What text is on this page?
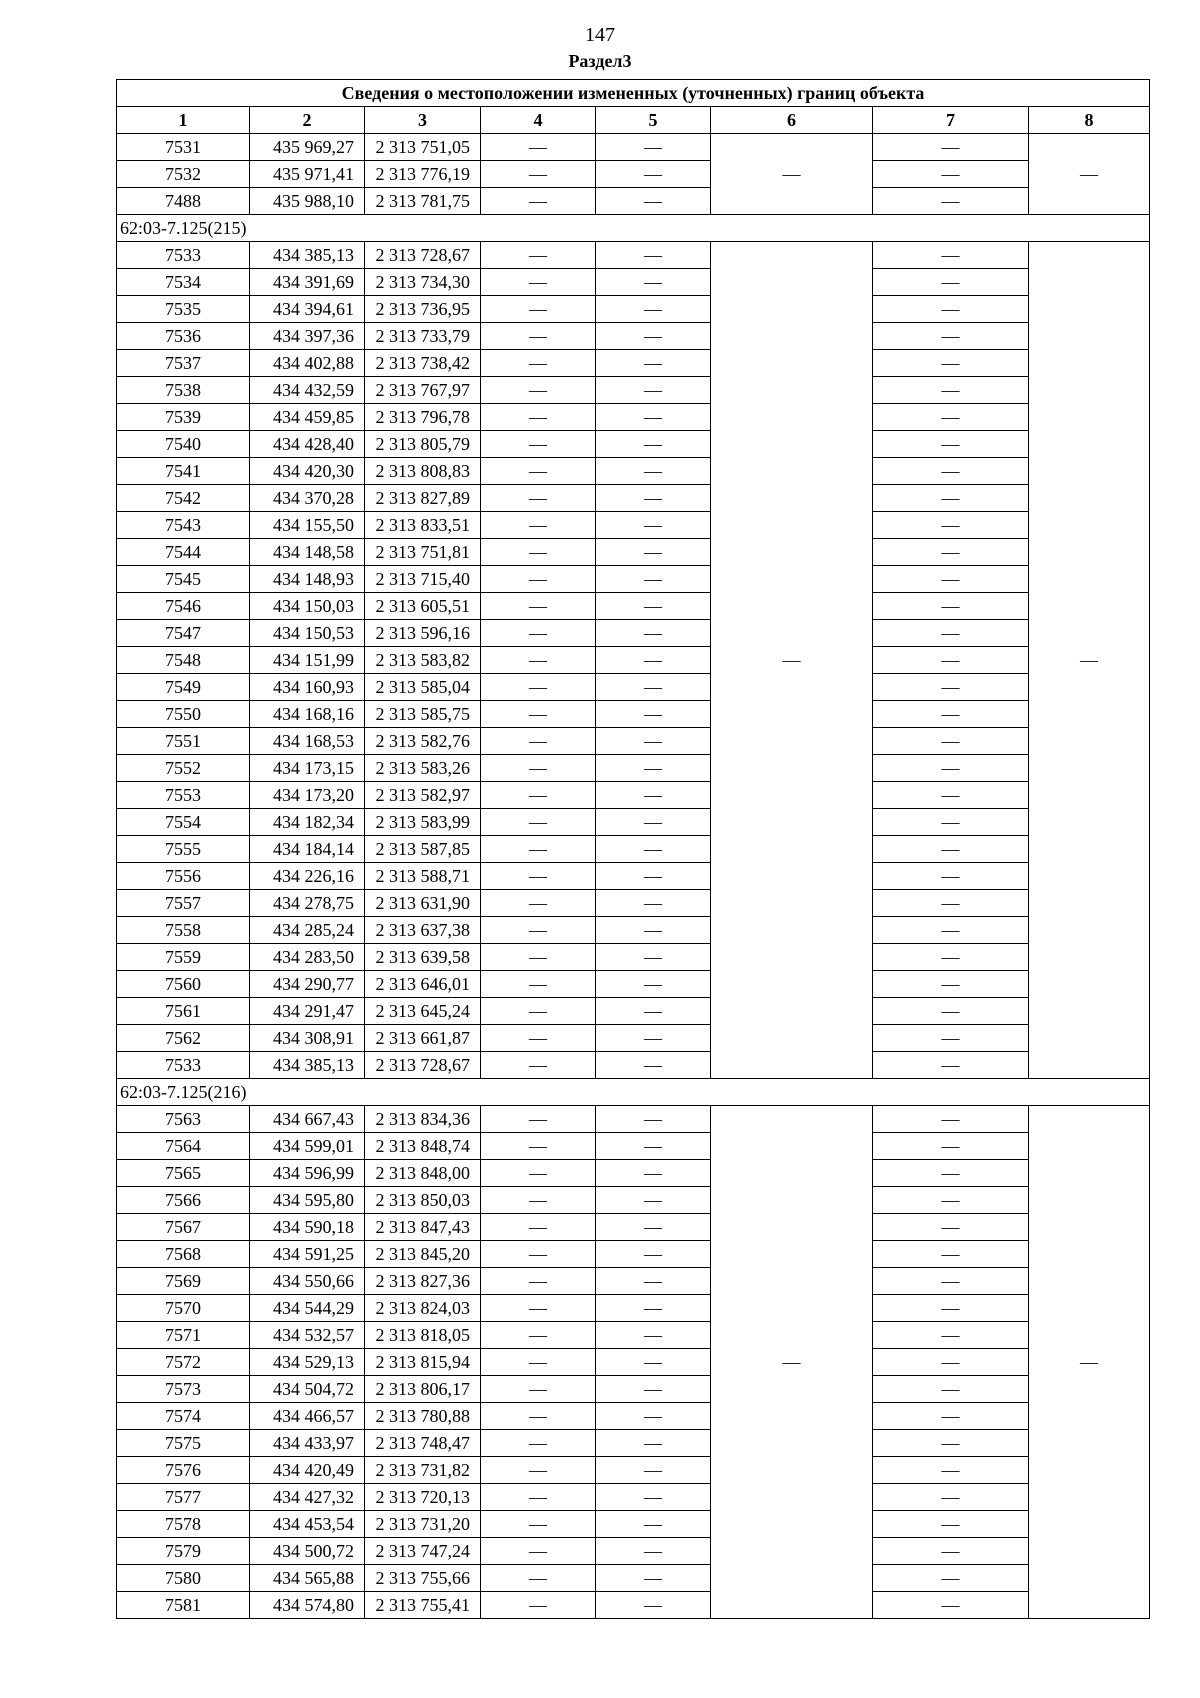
147
Раздел3
Сведения о местоположении измененных (уточненных) границ объекта							
1	2	3	4	5	6	7	8
7531	435 969,27	2 313 751,05	—	—	—	—	—
7532	435 971,41	2 313 776,19	—	—		—	
7488	435 988,10	2 313 781,75	—	—		—	
62:03-7.125(215)							
7533	434 385,13	2 313 728,67	—	—	—	—	—
7534	434 391,69	2 313 734,30	—	—		—	
7535	434 394,61	2 313 736,95	—	—		—	
7536	434 397,36	2 313 733,79	—	—		—	
7537	434 402,88	2 313 738,42	—	—		—	
7538	434 432,59	2 313 767,97	—	—		—	
7539	434 459,85	2 313 796,78	—	—		—	
7540	434 428,40	2 313 805,79	—	—		—	
7541	434 420,30	2 313 808,83	—	—		—	
7542	434 370,28	2 313 827,89	—	—		—	
7543	434 155,50	2 313 833,51	—	—		—	
7544	434 148,58	2 313 751,81	—	—		—	
7545	434 148,93	2 313 715,40	—	—		—	
7546	434 150,03	2 313 605,51	—	—		—	
7547	434 150,53	2 313 596,16	—	—		—	
7548	434 151,99	2 313 583,82	—	—		—	
7549	434 160,93	2 313 585,04	—	—		—	
7550	434 168,16	2 313 585,75	—	—		—	
7551	434 168,53	2 313 582,76	—	—		—	
7552	434 173,15	2 313 583,26	—	—		—	
7553	434 173,20	2 313 582,97	—	—		—	
7554	434 182,34	2 313 583,99	—	—		—	
7555	434 184,14	2 313 587,85	—	—		—	
7556	434 226,16	2 313 588,71	—	—		—	
7557	434 278,75	2 313 631,90	—	—		—	
7558	434 285,24	2 313 637,38	—	—		—	
7559	434 283,50	2 313 639,58	—	—		—	
7560	434 290,77	2 313 646,01	—	—		—	
7561	434 291,47	2 313 645,24	—	—		—	
7562	434 308,91	2 313 661,87	—	—		—	
7533	434 385,13	2 313 728,67	—	—		—	
62:03-7.125(216)							
7563	434 667,43	2 313 834,36	—	—	—	—	—
7564	434 599,01	2 313 848,74	—	—		—	
7565	434 596,99	2 313 848,00	—	—		—	
7566	434 595,80	2 313 850,03	—	—		—	
7567	434 590,18	2 313 847,43	—	—		—	
7568	434 591,25	2 313 845,20	—	—		—	
7569	434 550,66	2 313 827,36	—	—		—	
7570	434 544,29	2 313 824,03	—	—		—	
7571	434 532,57	2 313 818,05	—	—		—	
7572	434 529,13	2 313 815,94	—	—		—	
7573	434 504,72	2 313 806,17	—	—		—	
7574	434 466,57	2 313 780,88	—	—		—	
7575	434 433,97	2 313 748,47	—	—		—	
7576	434 420,49	2 313 731,82	—	—		—	
7577	434 427,32	2 313 720,13	—	—		—	
7578	434 453,54	2 313 731,20	—	—		—	
7579	434 500,72	2 313 747,24	—	—		—	
7580	434 565,88	2 313 755,66	—	—		—	
7581	434 574,80	2 313 755,41	—	—		—	
